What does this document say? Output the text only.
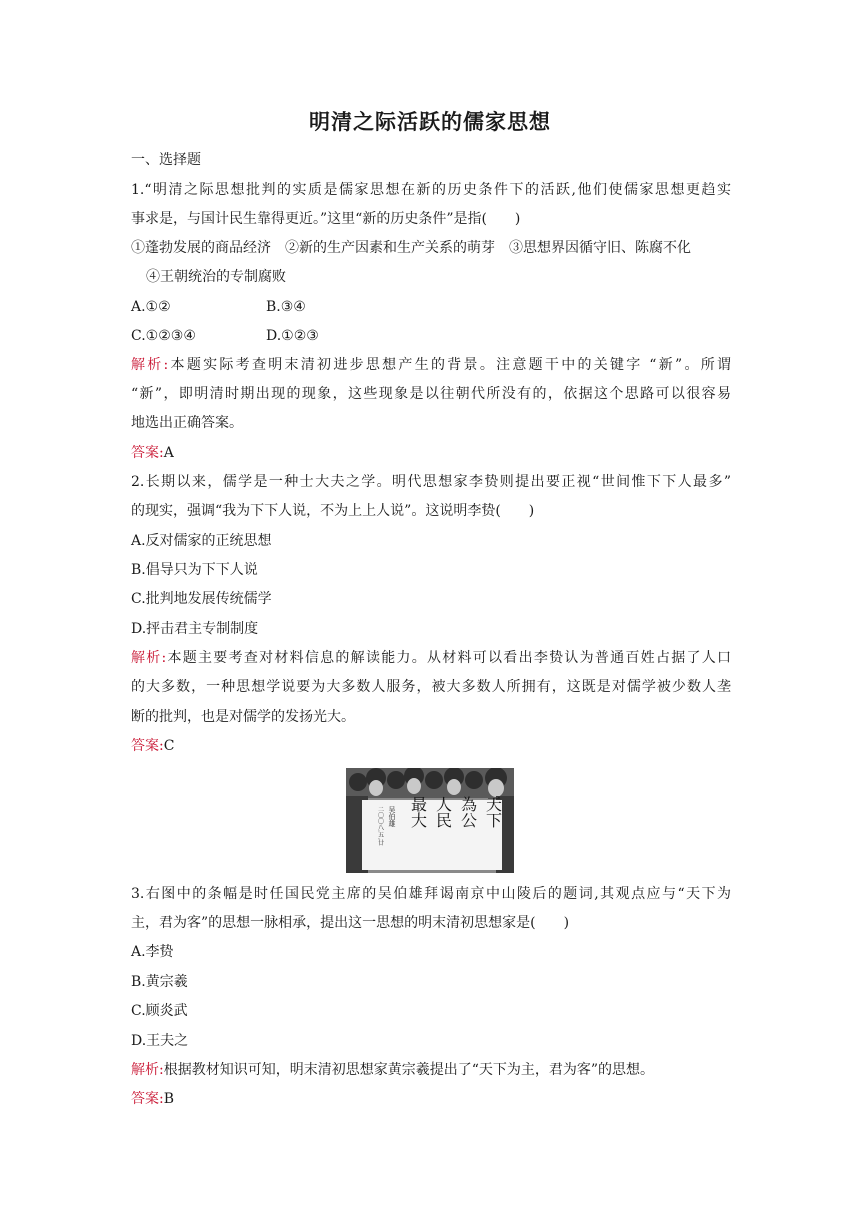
明清之际活跃的儒家思想
一、选择题
1.“明清之际思想批判的实质是儒家思想在新的历史条件下的活跃,他们使儒家思想更趋实
事求是，与国计民生靠得更近。”这里“新的历史条件”是指(　　)
①蓬勃发展的商品经济　②新的生产因素和生产关系的萌芽　③思想界因循守旧、陈腐不化
④王朝统治的专制腐败
A.①②	B.③④
C.①②③④	D.①②③
解析:本题实际考查明末清初进步思想产生的背景。注意题干中的关键字 “新”。所谓
“新”，即明清时期出现的现象，这些现象是以往朝代所没有的，依据这个思路可以很容易
地选出正确答案。
答案:A
2.长期以来，儒学是一种士大夫之学。明代思想家李贽则提出要正视“世间惟下下人最多”
的现实，强调“我为下下人说，不为上上人说”。这说明李贽(　　)
A.反对儒家的正统思想
B.倡导只为下下人说
C.批判地发展传统儒学
D.抨击君主专制制度
解析:本题主要考查对材料信息的解读能力。从材料可以看出李贽认为普通百姓占据了人口
的大多数，一种思想学说要为大多数人服务，被大多数人所拥有，这既是对儒学被少数人垄
断的批判，也是对儒学的发扬光大。
答案:C
天下
為公
人民
最大
吴伯雄
二〇〇八.五.廿
3.右图中的条幅是时任国民党主席的吴伯雄拜谒南京中山陵后的题词,其观点应与“天下为
主，君为客”的思想一脉相承，提出这一思想的明末清初思想家是(　　)
A.李贽
B.黄宗羲
C.顾炎武
D.王夫之
解析:根据教材知识可知，明末清初思想家黄宗羲提出了“天下为主，君为客”的思想。
答案:B
